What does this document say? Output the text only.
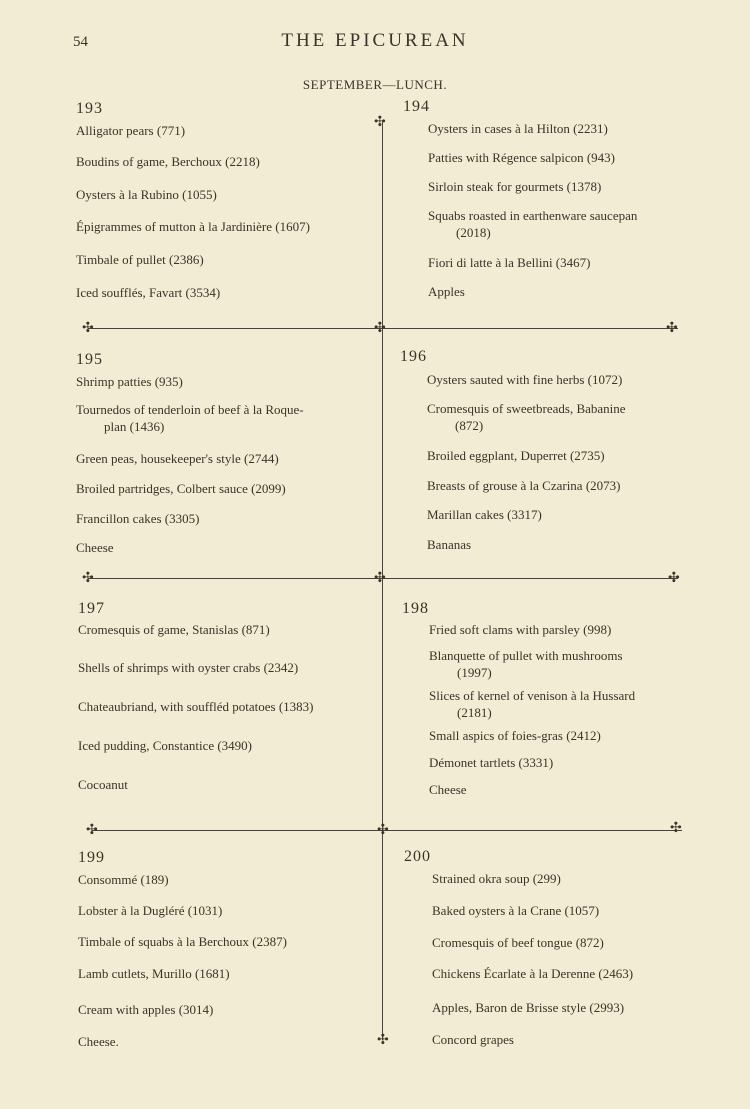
54	THE EPICUREAN
SEPTEMBER—LUNCH.
✣
✣	✣	✣
✣	✣	✣
✣	✣	✣
✣
193
Alligator pears (771)
Boudins of game, Berchoux (2218)
Oysters à la Rubino (1055)
Épigrammes of mutton à la Jardinière (1607)
Timbale of pullet (2386)
Iced soufflés, Favart (3534)
194
Oysters in cases à la Hilton (2231)
Patties with Régence salpicon (943)
Sirloin steak for gourmets (1378)
Squabs roasted in earthenware saucepan
(2018)
Fiori di latte à la Bellini (3467)
Apples
195
Shrimp patties (935)
Tournedos of tenderloin of beef à la Roque-
plan (1436)
Green peas, housekeeper's style (2744)
Broiled partridges, Colbert sauce (2099)
Francillon cakes (3305)
Cheese
196
Oysters sauted with fine herbs (1072)
Cromesquis of sweetbreads, Babanine
(872)
Broiled eggplant, Duperret (2735)
Breasts of grouse à la Czarina (2073)
Marillan cakes (3317)
Bananas
197
Cromesquis of game, Stanislas (871)
Shells of shrimps with oyster crabs (2342)
Chateaubriand, with souffléd potatoes (1383)
Iced pudding, Constantice (3490)
Cocoanut
198
Fried soft clams with parsley (998)
Blanquette of pullet with mushrooms
(1997)
Slices of kernel of venison à la Hussard
(2181)
Small aspics of foies-gras (2412)
Démonet tartlets (3331)
Cheese
199
Consommé (189)
Lobster à la Dugléré (1031)
Timbale of squabs à la Berchoux (2387)
Lamb cutlets, Murillo (1681)
Cream with apples (3014)
Cheese.
200
Strained okra soup (299)
Baked oysters à la Crane (1057)
Cromesquis of beef tongue (872)
Chickens Écarlate à la Derenne (2463)
Apples, Baron de Brisse style (2993)
Concord grapes
